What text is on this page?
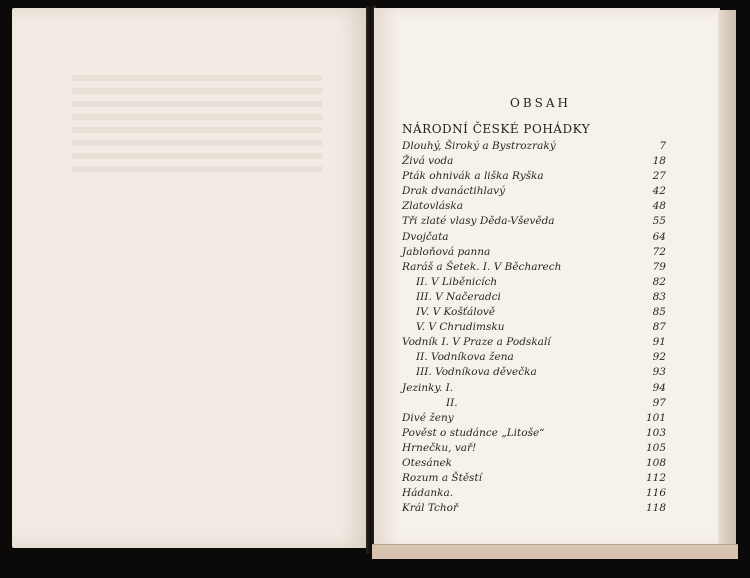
OBSAH
NÁRODNÍ ČESKÉ POHÁDKY
Dlouhý, Široký a Bystrozraký	7
Živá voda	18
Pták ohnivák a liška Ryška	27
Drak dvanáctihlavý	42
Zlatovláska	48
Tři zlaté vlasy Děda-Vševěda	55
Dvojčata	64
Jabloňová panna	72
Raráš a Šetek. I. V Běcharech	79
II. V Liběnicích	82
III. V Načeradci	83
IV. V Košťálově	85
V. V Chrudimsku	87
Vodník I. V Praze a Podskalí	91
II. Vodníkova žena	92
III. Vodníkova děvečka	93
Jezinky. I.	94
II.	97
Divé ženy	101
Pověst o studánce „Litoše“	103
Hrnečku, vař!	105
Otesánek	108
Rozum a Štěstí	112
Hádanka.	116
Král Tchoř	118
